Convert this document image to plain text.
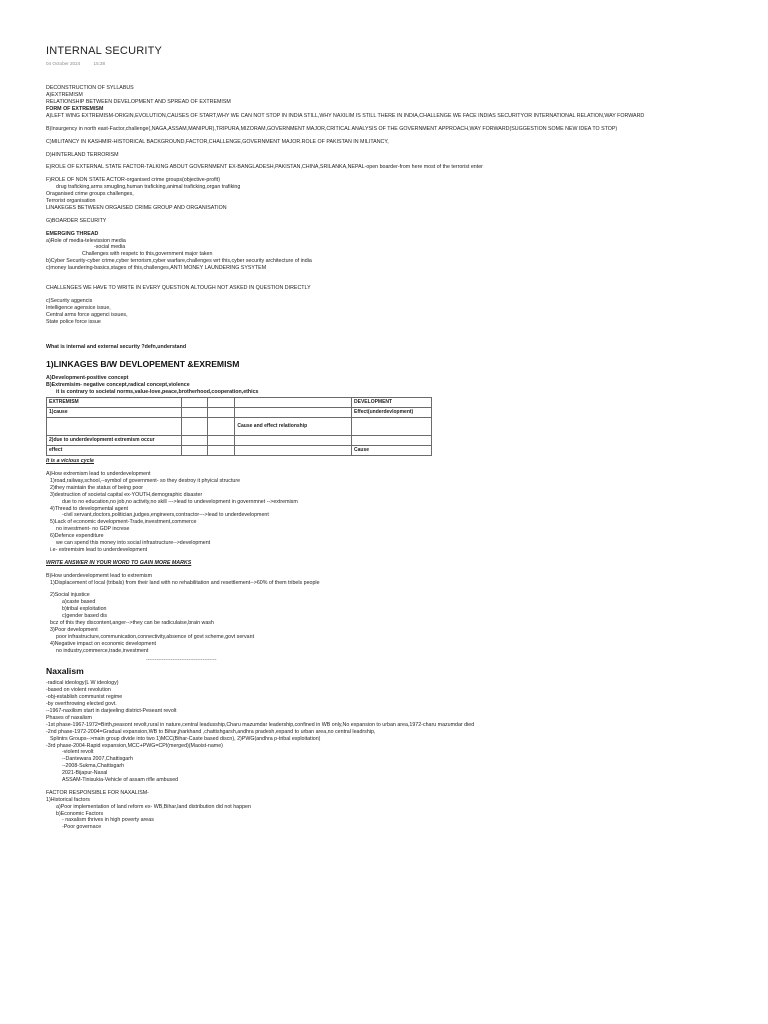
INTERNAL SECURITY
04 October 2024	15:38
DECONSTRUCTION OF SYLLABUS
A)EXTREMISM
RELATIONSHIP BETWEEN DEVELOPMENT AND SPREAD OF EXTREMISM
FORM OF EXTREMISM
A)LEFT WING EXTREMISM-ORIGIN,EVOLUTION,CAUSES OF START,WHY WE CAN NOT STOP IN INDIA STILL,WHY NAXILIM IS STILL THERE IN INDIA,CHALLENGE WE FACE INDIAS SECURITYOR INTERNATIONAL RELATION,WAY FORWARD
B)Insurgency in north east-Factor,challenge(,NAGA,ASSAM,MANIPUR),TRIPURA,MIZORAM,GOVERNMENT MAJOR,CRITICAL ANALYSIS OF THE GOVERNMENT APPROACH,WAY FORWARD(SUGGESTION SOME NEW IDEA TO STOP)
C)MILITANCY IN KASHMIR-HISTORICAL BACKGROUND,FACTOR,CHALLENGE,GOVERNMENT MAJOR.ROLE OF PAKISTAN IN MILITANCY,
D)HINTERLAND TERRORISM
E)ROLE OF EXTERNAL STATE FACTOR-TALKING ABOUT GOVERNMENT EX-BANGLADESH,PAKISTAN,CHINA,SRILANKA,NEPAL-open boarder-from here most of the terrorist enter
F)ROLE OF NON STATE ACTOR-organised crime groups(objective-profit)
drug traficking,arms smugling,human traficking,animal traficking,organ trafiking
Oraganised crime groups challenges,
Terrorist organisation
LINAKEGES BETWEEN ORGAISED CRIME GROUP AND ORGANISATION
G)BOARDER SECURITY
EMERGING THREAD
a)Role of media-televission media
-social media
Challenges with respetc to this,government major taken
b)Cyber Security-cyber crime,cyber terrorism,cyber warfare,challenges wrt this,cyber security architecture of india
c)money laundering-basics,stages of this,challenges,ANTI MONEY LAUNDERING SYSYTEM
CHALLENGES WE HAVE TO WRITE IN EVERY QUESTION ALTOUGH NOT ASKED IN QUESTION DIRECTLY
c)Security aggencis
Intelligence agensice issue,
Central arms force aggenci issues,
State police force issue
What is internal and external security ?defn,understand
1)LINKAGES B/W DEVLOPEMENT &EXREMISM
A)Development-positive concept
B)Extremisim- negative concept,radical concept,violence
it is contrary to societal norms,value-love,peace,brotherhood,cooperation,ethics
EXTREMISM				DEVELOPMENT
1)cause				Effect(underdevlopment)
			Cause and effect relationship	
2)due to underdevlopmemt extremism occur				
effect				Cause
It is a vicious cycle
A)How extremism lead to underdevelopment
1)road,railway,school,--symbol of government- so they destroy it phyical structure
2)they maintain the status of being poor
3)destruction of societal capital ex-YOUTH,demographic disaster
due to no education,no job,no activity,no skill --->lead to undevelopment in governmnet -->extremism
4)Thread to developmental agent
-civil servant,doctors,politician,judges,engineers,contractor--->lead to underdevelopment
5)Lack of economic development-Trade,investment,commerce
no investment- no GDP increse
6)Defence expenditure
we can spend this money into social infrastructure-->development
i.e- extremisim lead to underdevelopment
WRITE ANSWER IN YOUR WORD TO GAIN MORE MARKS
B)How underdevelopmemt lead to extremism
1)Displacement of local (tribals) from their land with no rehabilitation and resettlement-->60% of them tribels people
2)Social injustice
a)caste based
b)tribal exploitation
c)gender based dis
bcz of this they discontent,anger-->they can be radiculaise,brain wash
3)Poor development
poor infrastructure,communication,connectivity,absence of govt scheme,govt servant
4)Negative impact on economic development
no industry,commerce,trade,investment
----------------------------------------
Naxalism
-radical ideology(L W ideology)
-based on violent revolution
-obj-establish communist regime
-by overthrowing elected govt.
--1967-naxilism start in darjeeling district-Peseant revolt
Phases of naxalism
-1st phase-1967-1972=Birth,peasont revolt,rural in nature,central leadusship,Charu mazumdar leadership,confined in WB only,No expansion to urban area,1972-charu mazumdar died
-2nd phase-1972-2004=Gradual expansion,WB to Bihar,jharkhand ,chattishgarsh,andhra pradesh,expand to urban area,no central leadrship,
Splintrs Groups-->main group divide into two 1)MCC(Bihar-Caste based discn), 2)PWG(andhra p-tribal exploitation)
-3rd phase-2004-Rapid expansion,MCC+PWG=CPI(merged)(Maoist-name)
-violent revolt
--Dantewara 2007,Chattisgarh
--2008-Sukma,Chattisgarh
2021-Bijapur-Naxal
ASSAM-Tinisukia-Vehicle of assam rifle ambused
FACTOR RESPONSIBLE FOR NAXALISM-
1)Historical factors
a)Poor implementation of land reform ex- WB,Bihar,land distribution did not happen
b)Economic Factors
- naxalism thrives in high poverty areas
-Poor governace
